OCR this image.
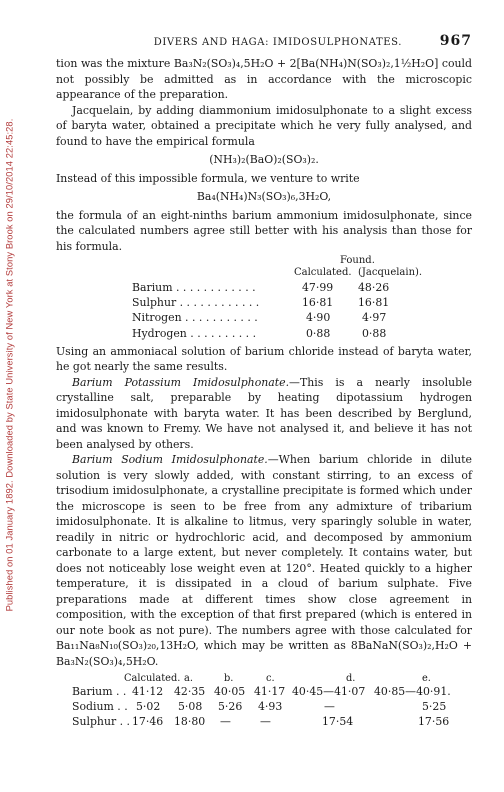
Published on 01 January 1892. Downloaded by State University of New York at Stony Brook on 29/10/2014 22:45:28.
DIVERS AND HAGA: IMIDOSULPHONATES.	967

tion was the mixture Ba₃N₂(SO₃)₄,5H₂O + 2[Ba(NH₄)N(SO₃)₂,1½H₂O] could not possibly be admitted as in accordance with the microscopic appearance of the preparation.

Jacquelain, by adding diammonium imidosulphonate to a slight excess of baryta water, obtained a precipitate which he very fully analysed, and found to have the empirical formula

(NH₃)₂(BaO)₂(SO₃)₂.

Instead of this impossible formula, we venture to write

Ba₄(NH₄)N₃(SO₃)₆,3H₂O,

the formula of an eight-ninths barium ammonium imidosulphonate, since the calculated numbers agree still better with his analysis than those for his formula.

Found.
Calculated. (Jacquelain).
Barium . . . . . . . . . . . .	47·99 48·26
Sulphur . . . . . . . . . . . .	16·81 16·81
Nitrogen . . . . . . . . . . .	4·90	4·97
Hydrogen . . . . . . . . . .	0·88	0·88

Using an ammoniacal solution of barium chloride instead of baryta water, he got nearly the same results.

Barium Potassium Imidosulphonate.—This is a nearly insoluble crystalline salt, preparable by heating dipotassium hydrogen imidosulphonate with baryta water. It has been described by Berglund, and was known to Fremy. We have not analysed it, and believe it has not been analysed by others.

Barium Sodium Imidosulphonate.—When barium chloride in dilute solution is very slowly added, with constant stirring, to an excess of trisodium imidosulphonate, a crystalline precipitate is formed which under the microscope is seen to be free from any admixture of tribarium imidosulphonate. It is alkaline to litmus, very sparingly soluble in water, readily in nitric or hydrochloric acid, and decomposed by ammonium carbonate to a large extent, but never completely. It contains water, but does not noticeably lose weight even at 120°. Heated quickly to a higher temperature, it is dissipated in a cloud of barium sulphate. Five preparations made at different times show close agreement in composition, with the exception of that first prepared (which is entered in our note book as not pure). The numbers agree with those calculated for Ba₁₁Na₈N₁₀(SO₃)₂₀,13H₂O, which may be written as 8BaNaN(SO₃)₂,H₂O + Ba₃N₂(SO₃)₄,5H₂O.

Calculated. a.	b.	c.	d.	e.
Barium . . 41·12 42·35 40·05 41·17 40·45—41·07 40·85—40·91.
Sodium . . 5·02 5·08 5·26 4·93	—	5·25
Sulphur . . 17·46 18·80 —	—	17·54	17·56
